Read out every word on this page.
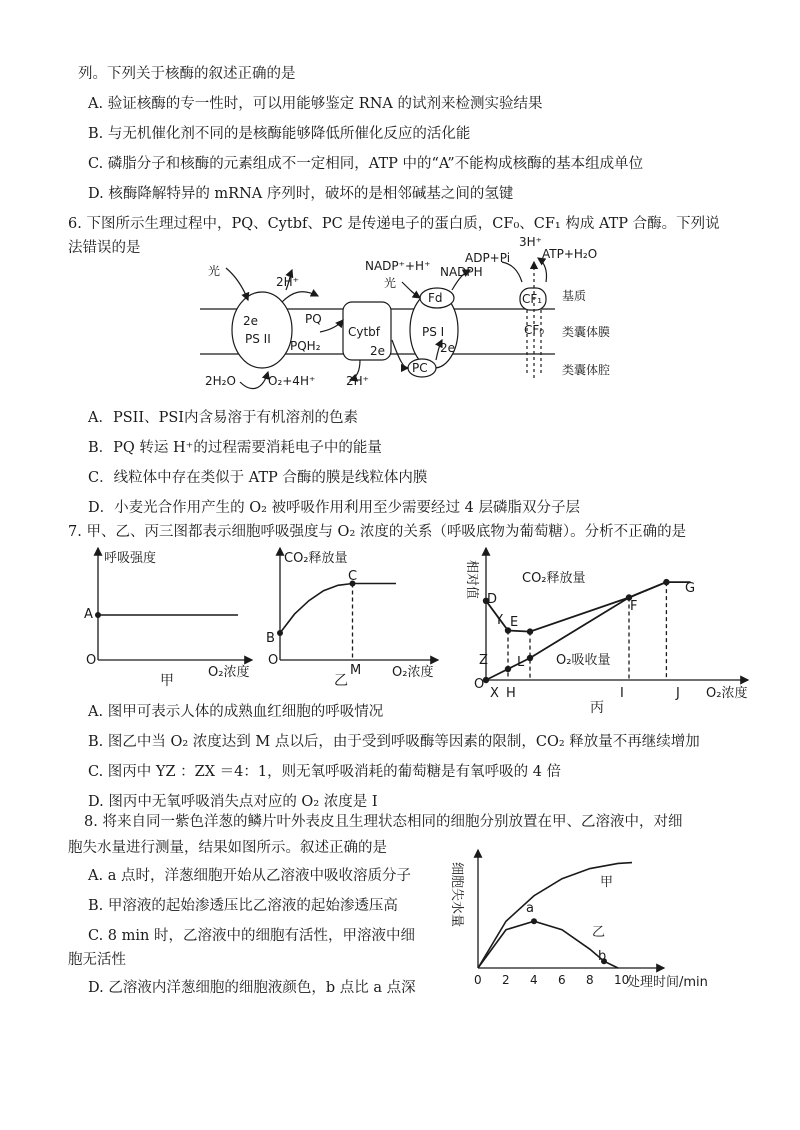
列。下列关于核酶的叙述正确的是
A. 验证核酶的专一性时，可以用能够鉴定 RNA 的试剂来检测实验结果
B. 与无机催化剂不同的是核酶能够降低所催化反应的活化能
C. 磷脂分子和核酶的元素组成不一定相同，ATP 中的“A”不能构成核酶的基本组成单位
D. 核酶降解特异的 mRNA 序列时，破坏的是相邻碱基之间的氢键
6. 下图所示生理过程中，PQ、Cytbf、PC 是传递电子的蛋白质，CF₀、CF₁ 构成 ATP 合酶。下列说
法错误的是
光
2H⁺
3H⁺
2e
PS II
PQ
PQH₂
Cytbf
2e
PS I
2e
Fd
PC
NADP⁺+H⁺
光
NADPH
ADP+Pi	ATP+H₂O
CF₁
CF₀
2H₂O	O₂+4H⁺	2H⁺
基质
类囊体膜
类囊体腔
呼吸强度
A
O
O₂浓度
甲
CO₂释放量
B
C
M
O
O₂浓度
乙
相对值	CO₂释放量
O₂吸收量
D
Y E
L
Z
F
G
O
X H	I	J O₂浓度
丙
0 2 4 6 8 10
甲
乙
a
b
处理时间/min
细胞失水量
A．PSII、PSI内含易溶于有机溶剂的色素
B．PQ 转运 H⁺的过程需要消耗电子中的能量
C．线粒体中存在类似于 ATP 合酶的膜是线粒体内膜
D．小麦光合作用产生的 O₂ 被呼吸作用利用至少需要经过 4 层磷脂双分子层
7. 甲、乙、丙三图都表示细胞呼吸强度与 O₂ 浓度的关系（呼吸底物为葡萄糖）。分析不正确的是
A. 图甲可表示人体的成熟血红细胞的呼吸情况
B. 图乙中当 O₂ 浓度达到 M 点以后，由于受到呼吸酶等因素的限制，CO₂ 释放量不再继续增加
C. 图丙中 YZ ：ZX ＝4：1，则无氧呼吸消耗的葡萄糖是有氧呼吸的 4 倍
D. 图丙中无氧呼吸消失点对应的 O₂ 浓度是 I
8. 将来自同一紫色洋葱的鳞片叶外表皮且生理状态相同的细胞分别放置在甲、乙溶液中，对细
胞失水量进行测量，结果如图所示。叙述正确的是
A. a 点时，洋葱细胞开始从乙溶液中吸收溶质分子
B. 甲溶液的起始渗透压比乙溶液的起始渗透压高
C. 8 min 时，乙溶液中的细胞有活性，甲溶液中细
胞无活性
D. 乙溶液内洋葱细胞的细胞液颜色，b 点比 a 点深
